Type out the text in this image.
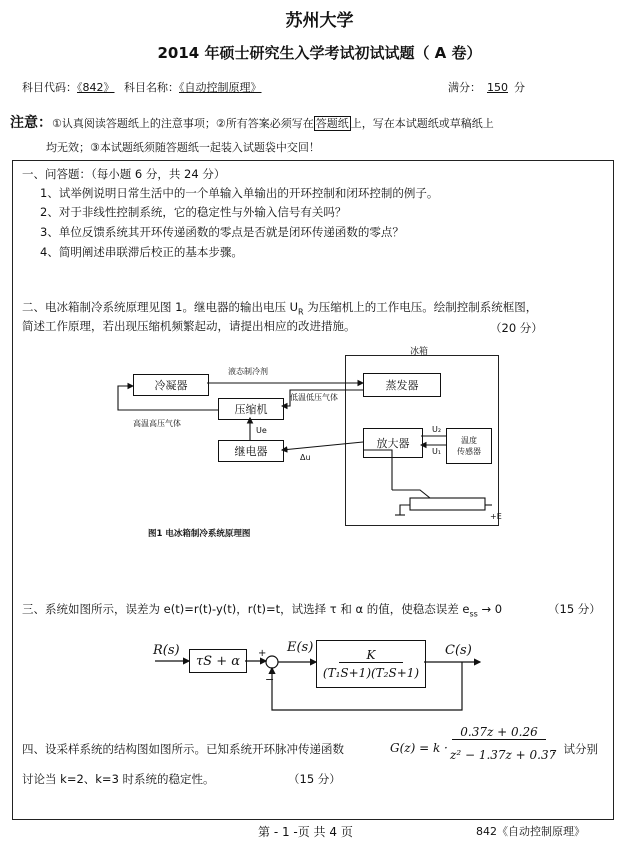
苏州大学
2014 年硕士研究生入学考试初试试题（ A 卷）
科目代码：《842》 科目名称：《自动控制原理》	满分： 150 分
注意：①认真阅读答题纸上的注意事项；②所有答案必须写在 答题纸 上，写在本试题纸或草稿纸上
均无效；③本试题纸须随答题纸一起装入试题袋中交回！
一、问答题：（每小题 6 分，共 24 分）
1、试举例说明日常生活中的一个单输入单输出的开环控制和闭环控制的例子。
2、对于非线性控制系统，它的稳定性与外输入信号有关吗？
3、单位反馈系统其开环传递函数的零点是否就是闭环传递函数的零点？
4、简明阐述串联滞后校正的基本步骤。
二、电冰箱制冷系统原理见图 1。继电器的输出电压 $U_R$ 为压缩机上的工作电压。绘制控制系统框图，
简述工作原理，若出现压缩机频繁起动，请提出相应的改进措施。	（20 分）
冰箱
冷凝器	蒸发器
压缩机
继电器
放大器	温度
传感器
液态制冷剂
低温低压气体
高温高压气体
Ue
Δu
U₂
U₁
+E
图1 电冰箱制冷系统原理图
三、系统如图所示，误差为 e(t)=r(t)-y(t)，r(t)=t，试选择 τ 和 α 的值，使稳态误差 $e_{ss} \to 0$	（15 分）
R(s)
τS + α
$E(s) \frac{K}{\text{(T₁S+1)(T₂S+1)}} C(s)$
+
−
四、设采样系统的结构图如图所示。已知系统开环脉冲传递函数	G(z) = k ·
0.37z + 0.26
z² − 1.37z + 0.37
，试分别
讨论当 k=2、k=3 时系统的稳定性。	（15 分）
第 - 1 -页 共 4 页	842《自动控制原理》
